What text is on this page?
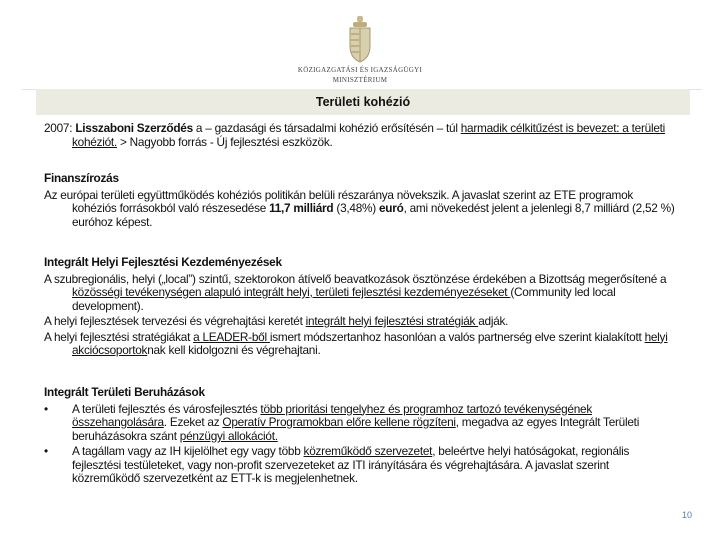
KÖZIGAZGATÁSI ÉS IGAZSÁGÜGYI
MINISZTÉRIUM
Területi kohézió

2007: Lisszaboni Szerződés a – gazdasági és társadalmi kohézió erősítésén – túl harmadik célkitűzést is bevezet: a területi kohéziót. > Nagyobb forrás - Új fejlesztési eszközök.

Finanszírozás

Az európai területi együttműködés kohéziós politikán belüli részaránya növekszik. A javaslat szerint az ETE programok kohéziós forrásokból való részesedése 11,7 milliárd (3,48%) euró, ami növekedést jelent a jelenlegi 8,7 milliárd (2,52 %) euróhoz képest.

Integrált Helyi Fejlesztési Kezdeményezések

A szubregionális, helyi („local”) szintű, szektorokon átívelő beavatkozások ösztönzése érdekében a Bizottság megerősítené a közösségi tevékenységen alapuló integrált helyi, területi fejlesztési kezdeményezéseket (Community led local development).

A helyi fejlesztések tervezési és végrehajtási keretét integrált helyi fejlesztési stratégiák adják.

A helyi fejlesztési stratégiákat a LEADER-ből ismert módszertanhoz hasonlóan a valós partnerség elve szerint kialakított helyi akciócsoportoknak kell kidolgozni és végrehajtani.

Integrált Területi Beruházások

• A területi fejlesztés és városfejlesztés több prioritási tengelyhez és programhoz tartozó tevékenységének összehangolására. Ezeket az Operatív Programokban előre kellene rögzíteni, megadva az egyes Integrált Területi beruházásokra szánt pénzügyi allokációt.
• A tagállam vagy az IH kijelölhet egy vagy több közreműködő szervezetet, beleértve helyi hatóságokat, regionális fejlesztési testületeket, vagy non-profit szervezeteket az ITI irányítására és végrehajtására. A javaslat szerint közreműködő szervezetként az ETT-k is megjelenhetnek.
10
